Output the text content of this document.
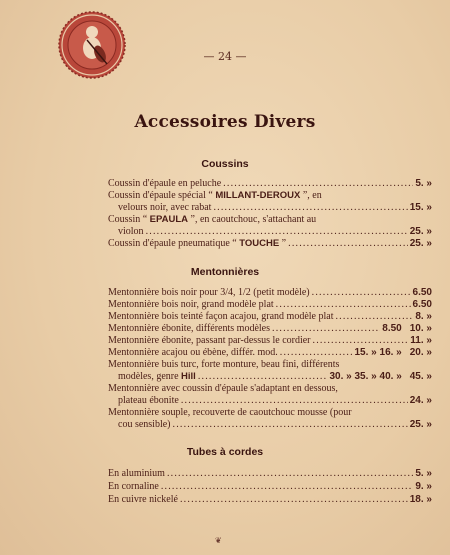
— 24 —
Accessoires Divers
Coussins
Coussin d'épaule en peluche .....	5. »
Coussin d'épaule spécial “ MILLANT-DEROUX ”, en
velours noir, avec rabat .....	15. »
Coussin “ EPAULA ”, en caoutchouc, s'attachant au
violon .....	25. »
Coussin d'épaule pneumatique “ TOUCHE ” .....	25. »
Mentonnières
Mentonnière bois noir pour 3/4, 1/2 (petit modèle) .....	6.50
Mentonnière bois noir, grand modèle plat .....	6.50
Mentonnière bois teinté façon acajou, grand modèle plat .....	8. »
Mentonnière ébonite, différents modèles .....	8.50 10. »
Mentonnière ébonite, passant par-dessus le cordier .....	11. »
Mentonnière acajou ou ébène, différ. mod. .....	15. » 16. » 20. »
Mentonnière buis turc, forte monture, beau fini, différents
modèles, genre Hill .....	30. » 35. » 40. » 45. »
Mentonnière avec coussin d'épaule s'adaptant en dessous,
plateau ébonite .....	24. »
Mentonnière souple, recouverte de caoutchouc mousse (pour
cou sensible) .....	25. »
Tubes à cordes
En aluminium .....	5. »
En cornaline .....	9. »
En cuivre nickelé .....	18. »
❦
